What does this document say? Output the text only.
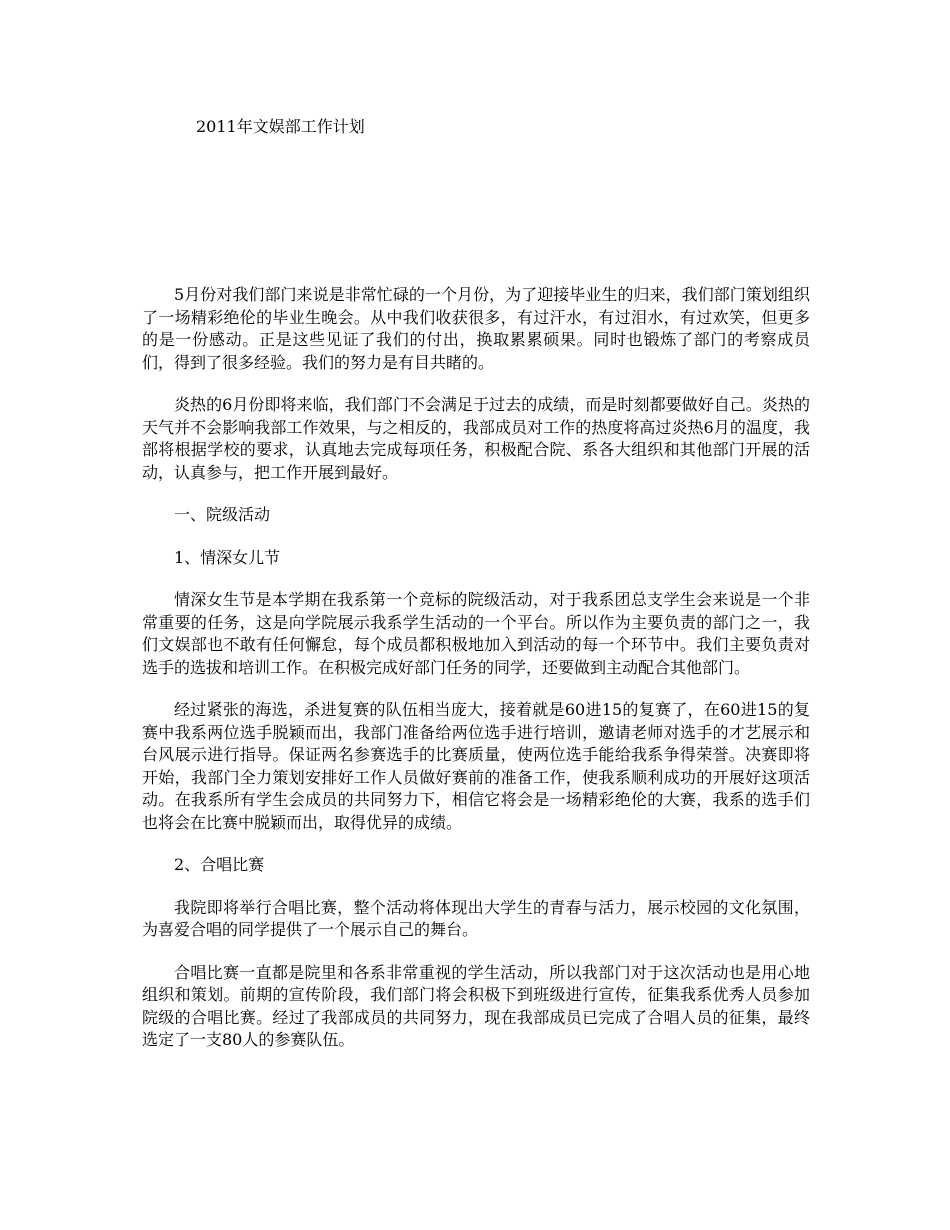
2011年文娱部工作计划

5月份对我们部门来说是非常忙碌的一个月份，为了迎接毕业生的归来，我们部门策划组织了一场精彩绝伦的毕业生晚会。从中我们收获很多，有过汗水，有过泪水，有过欢笑，但更多的是一份感动。正是这些见证了我们的付出，换取累累硕果。同时也锻炼了部门的考察成员们，得到了很多经验。我们的努力是有目共睹的。

炎热的6月份即将来临，我们部门不会满足于过去的成绩，而是时刻都要做好自己。炎热的天气并不会影响我部工作效果，与之相反的，我部成员对工作的热度将高过炎热6月的温度，我部将根据学校的要求，认真地去完成每项任务，积极配合院、系各大组织和其他部门开展的活动，认真参与，把工作开展到最好。

一、院级活动

1、情深女儿节

情深女生节是本学期在我系第一个竞标的院级活动，对于我系团总支学生会来说是一个非常重要的任务，这是向学院展示我系学生活动的一个平台。所以作为主要负责的部门之一，我们文娱部也不敢有任何懈怠，每个成员都积极地加入到活动的每一个环节中。我们主要负责对选手的选拔和培训工作。在积极完成好部门任务的同学，还要做到主动配合其他部门。

经过紧张的海选，杀进复赛的队伍相当庞大，接着就是60进15的复赛了，在60进15的复赛中我系两位选手脱颖而出，我部门准备给两位选手进行培训，邀请老师对选手的才艺展示和台风展示进行指导。保证两名参赛选手的比赛质量，使两位选手能给我系争得荣誉。决赛即将开始，我部门全力策划安排好工作人员做好赛前的准备工作，使我系顺利成功的开展好这项活动。在我系所有学生会成员的共同努力下，相信它将会是一场精彩绝伦的大赛，我系的选手们也将会在比赛中脱颖而出，取得优异的成绩。

2、合唱比赛

我院即将举行合唱比赛，整个活动将体现出大学生的青春与活力，展示校园的文化氛围，为喜爱合唱的同学提供了一个展示自己的舞台。

合唱比赛一直都是院里和各系非常重视的学生活动，所以我部门对于这次活动也是用心地组织和策划。前期的宣传阶段，我们部门将会积极下到班级进行宣传，征集我系优秀人员参加院级的合唱比赛。经过了我部成员的共同努力，现在我部成员已完成了合唱人员的征集，最终选定了一支80人的参赛队伍。
